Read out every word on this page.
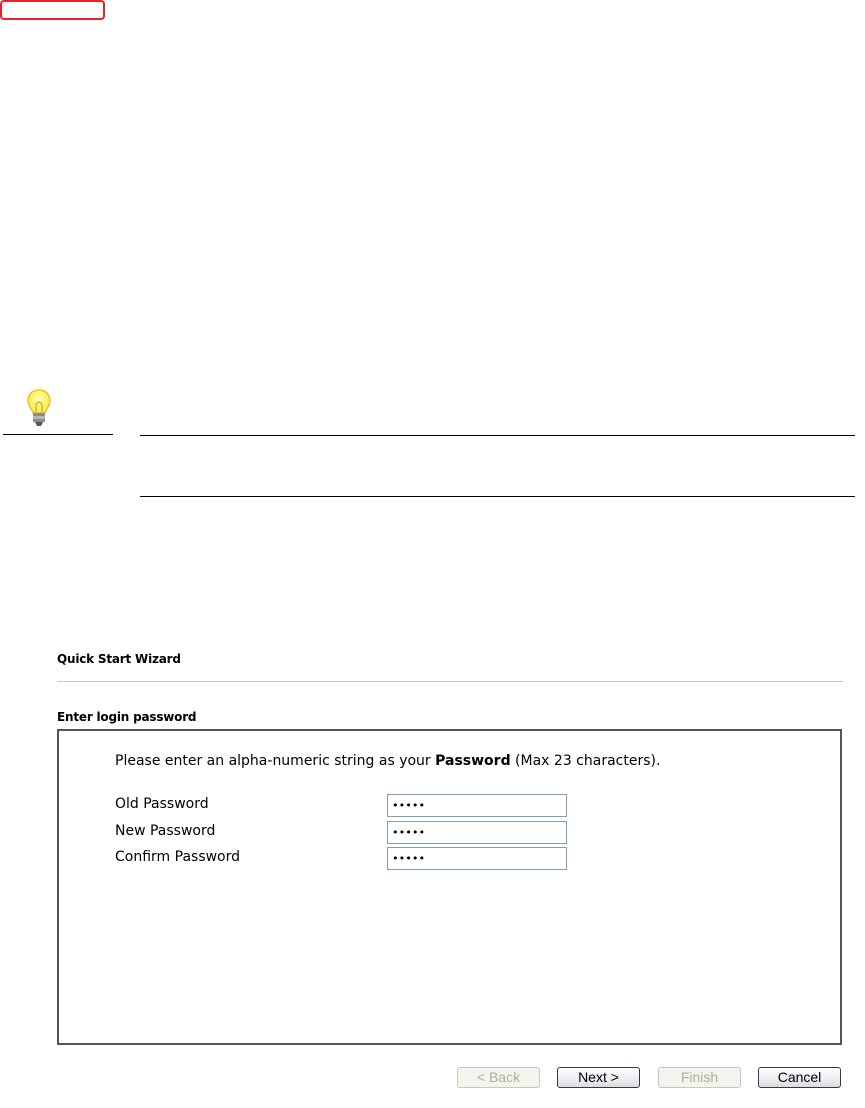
Quick Start Wizard
Enter login password
Please enter an alpha-numeric string as your Password (Max 23 characters).
Old Password
•••••
New Password
•••••
Confirm Password
•••••
< Back	Next >	Finish	Cancel
